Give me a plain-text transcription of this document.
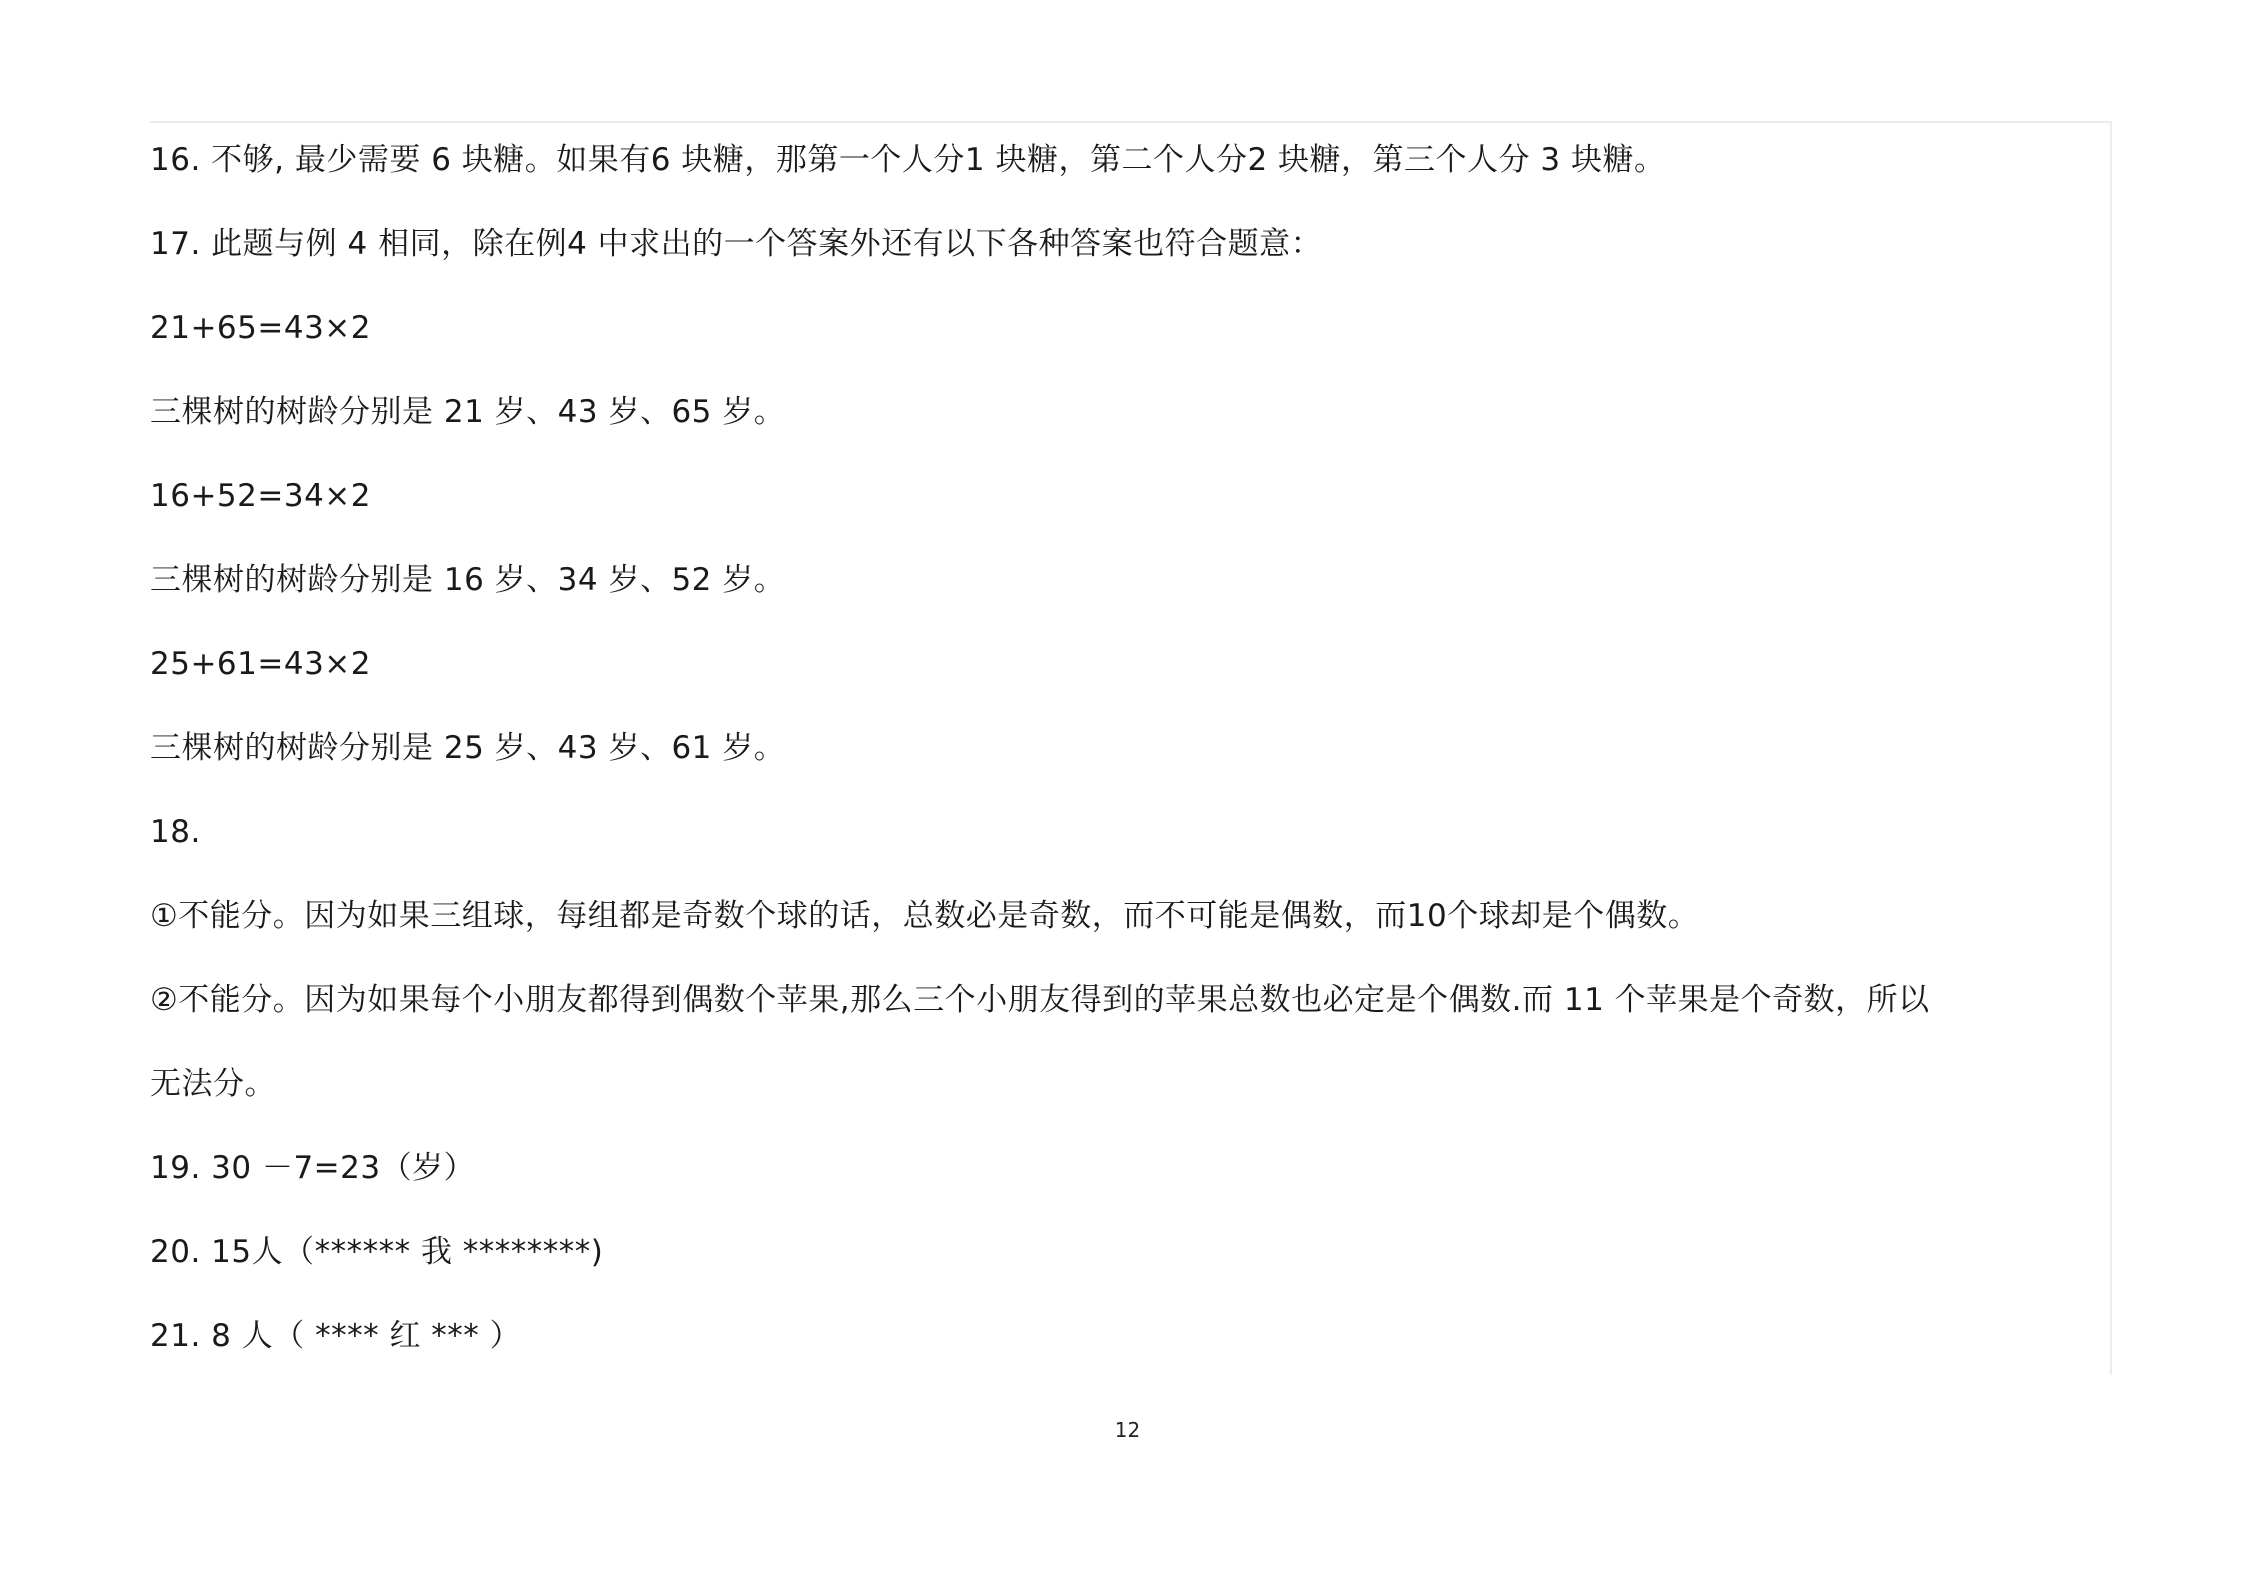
16. 不够, 最少需要 6 块糖。如果有6 块糖，那第一个人分1 块糖，第二个人分2 块糖，第三个人分 3 块糖。
17. 此题与例 4 相同，除在例4 中求出的一个答案外还有以下各种答案也符合题意：
21+65=43×2
三棵树的树龄分别是 21 岁、43 岁、65 岁。
16+52=34×2
三棵树的树龄分别是 16 岁、34 岁、52 岁。
25+61=43×2
三棵树的树龄分别是 25 岁、43 岁、61 岁。
18.
①不能分。因为如果三组球，每组都是奇数个球的话，总数必是奇数，而不可能是偶数，而10个球却是个偶数。
②不能分。因为如果每个小朋友都得到偶数个苹果,那么三个小朋友得到的苹果总数也必定是个偶数.而 11 个苹果是个奇数，所以
无法分。
19. 30 －7=23（岁）
20. 15人（****** 我 ********)
21. 8 人（ **** 红 *** ）
12
